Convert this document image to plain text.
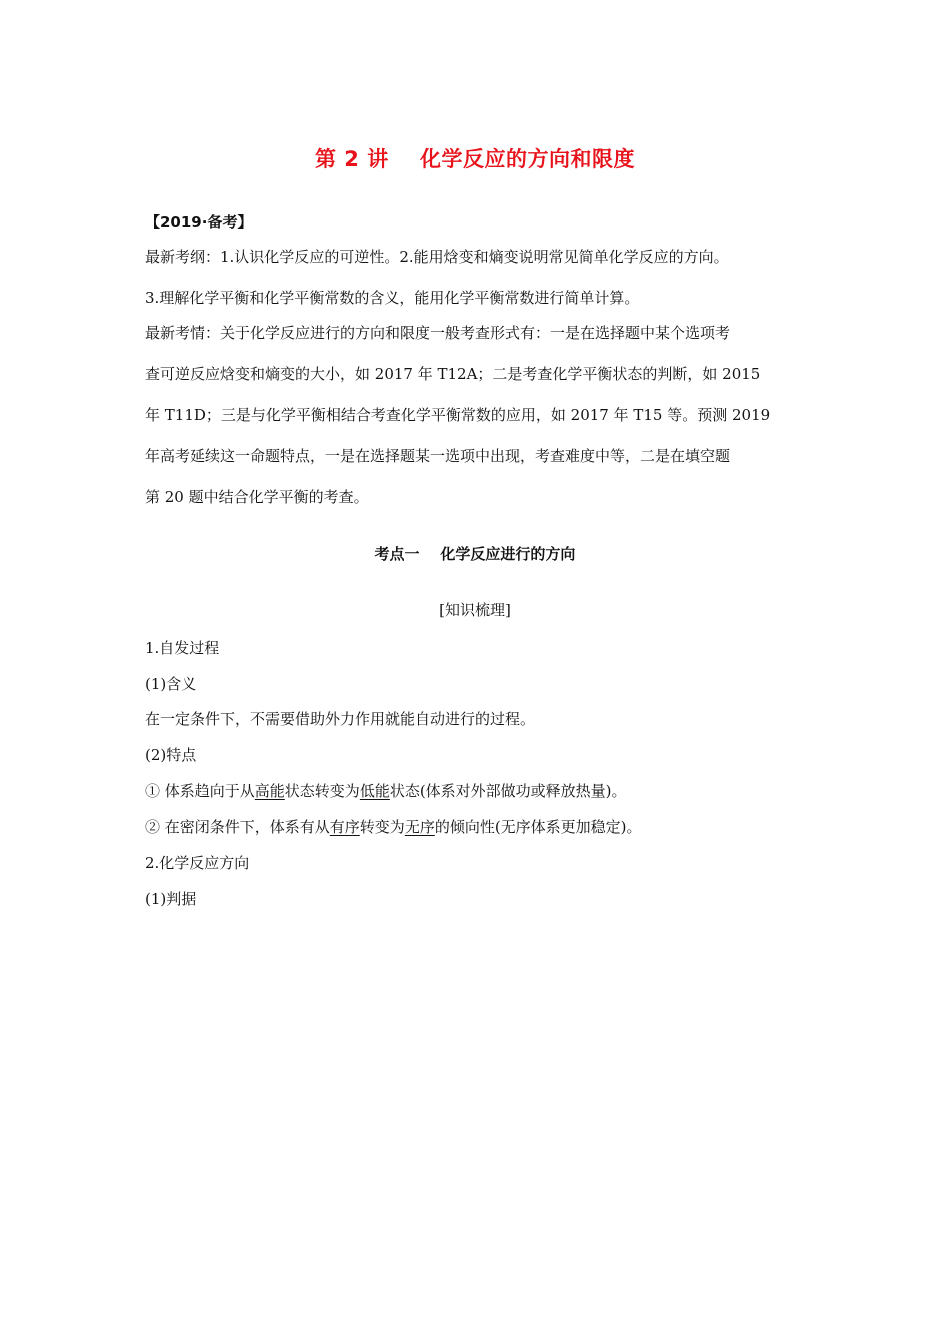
第 2 讲    化学反应的方向和限度
【2019·备考】
最新考纲：1.认识化学反应的可逆性。2.能用焓变和熵变说明常见简单化学反应的方向。
3.理解化学平衡和化学平衡常数的含义，能用化学平衡常数进行简单计算。
最新考情：关于化学反应进行的方向和限度一般考查形式有：一是在选择题中某个选项考
查可逆反应焓变和熵变的大小，如 2017 年 T12A；二是考查化学平衡状态的判断，如 2015
年 T11D；三是与化学平衡相结合考查化学平衡常数的应用，如 2017 年 T15 等。预测 2019
年高考延续这一命题特点，一是在选择题某一选项中出现，考查难度中等，二是在填空题
第 20 题中结合化学平衡的考查。
考点一    化学反应进行的方向
[知识梳理]
1.自发过程
(1)含义
在一定条件下，不需要借助外力作用就能自动进行的过程。
(2)特点
① 体系趋向于从高能状态转变为低能状态(体系对外部做功或释放热量)。
② 在密闭条件下，体系有从有序转变为无序的倾向性(无序体系更加稳定)。
2.化学反应方向
(1)判据
